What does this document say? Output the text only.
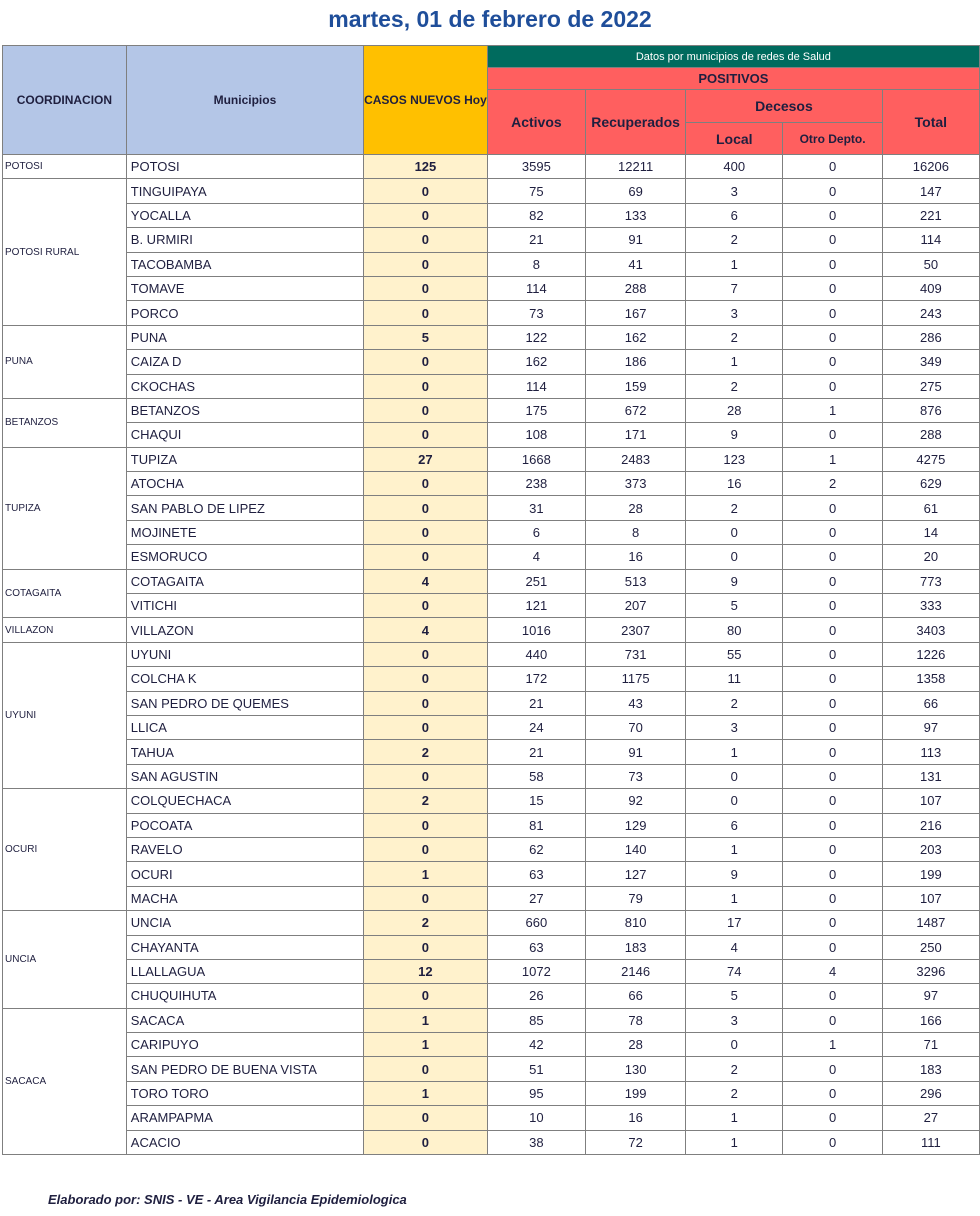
martes, 01 de febrero de 2022
COORDINACION	Municipios	CASOS NUEVOS Hoy	Datos por municipios de redes de Salud				
			POSITIVOS				
			Activos	Recuperados	Decesos		Total
					Local	Otro Depto.	
POTOSI	POTOSI	125	3595	12211	400	0	16206
POTOSI RURAL	TINGUIPAYA	0	75	69	3	0	147
	YOCALLA	0	82	133	6	0	221
	B. URMIRI	0	21	91	2	0	114
	TACOBAMBA	0	8	41	1	0	50
	TOMAVE	0	114	288	7	0	409
	PORCO	0	73	167	3	0	243
PUNA	PUNA	5	122	162	2	0	286
	CAIZA D	0	162	186	1	0	349
	CKOCHAS	0	114	159	2	0	275
BETANZOS	BETANZOS	0	175	672	28	1	876
	CHAQUI	0	108	171	9	0	288
TUPIZA	TUPIZA	27	1668	2483	123	1	4275
	ATOCHA	0	238	373	16	2	629
	SAN PABLO DE LIPEZ	0	31	28	2	0	61
	MOJINETE	0	6	8	0	0	14
	ESMORUCO	0	4	16	0	0	20
COTAGAITA	COTAGAITA	4	251	513	9	0	773
	VITICHI	0	121	207	5	0	333
VILLAZON	VILLAZON	4	1016	2307	80	0	3403
UYUNI	UYUNI	0	440	731	55	0	1226
	COLCHA K	0	172	1175	11	0	1358
	SAN PEDRO DE QUEMES	0	21	43	2	0	66
	LLICA	0	24	70	3	0	97
	TAHUA	2	21	91	1	0	113
	SAN AGUSTIN	0	58	73	0	0	131
OCURI	COLQUECHACA	2	15	92	0	0	107
	POCOATA	0	81	129	6	0	216
	RAVELO	0	62	140	1	0	203
	OCURI	1	63	127	9	0	199
	MACHA	0	27	79	1	0	107
UNCIA	UNCIA	2	660	810	17	0	1487
	CHAYANTA	0	63	183	4	0	250
	LLALLAGUA	12	1072	2146	74	4	3296
	CHUQUIHUTA	0	26	66	5	0	97
SACACA	SACACA	1	85	78	3	0	166
	CARIPUYO	1	42	28	0	1	71
	SAN PEDRO DE BUENA VISTA	0	51	130	2	0	183
	TORO TORO	1	95	199	2	0	296
	ARAMPAPMA	0	10	16	1	0	27
	ACACIO	0	38	72	1	0	111
Elaborado por: SNIS - VE - Area Vigilancia Epidemiologica
